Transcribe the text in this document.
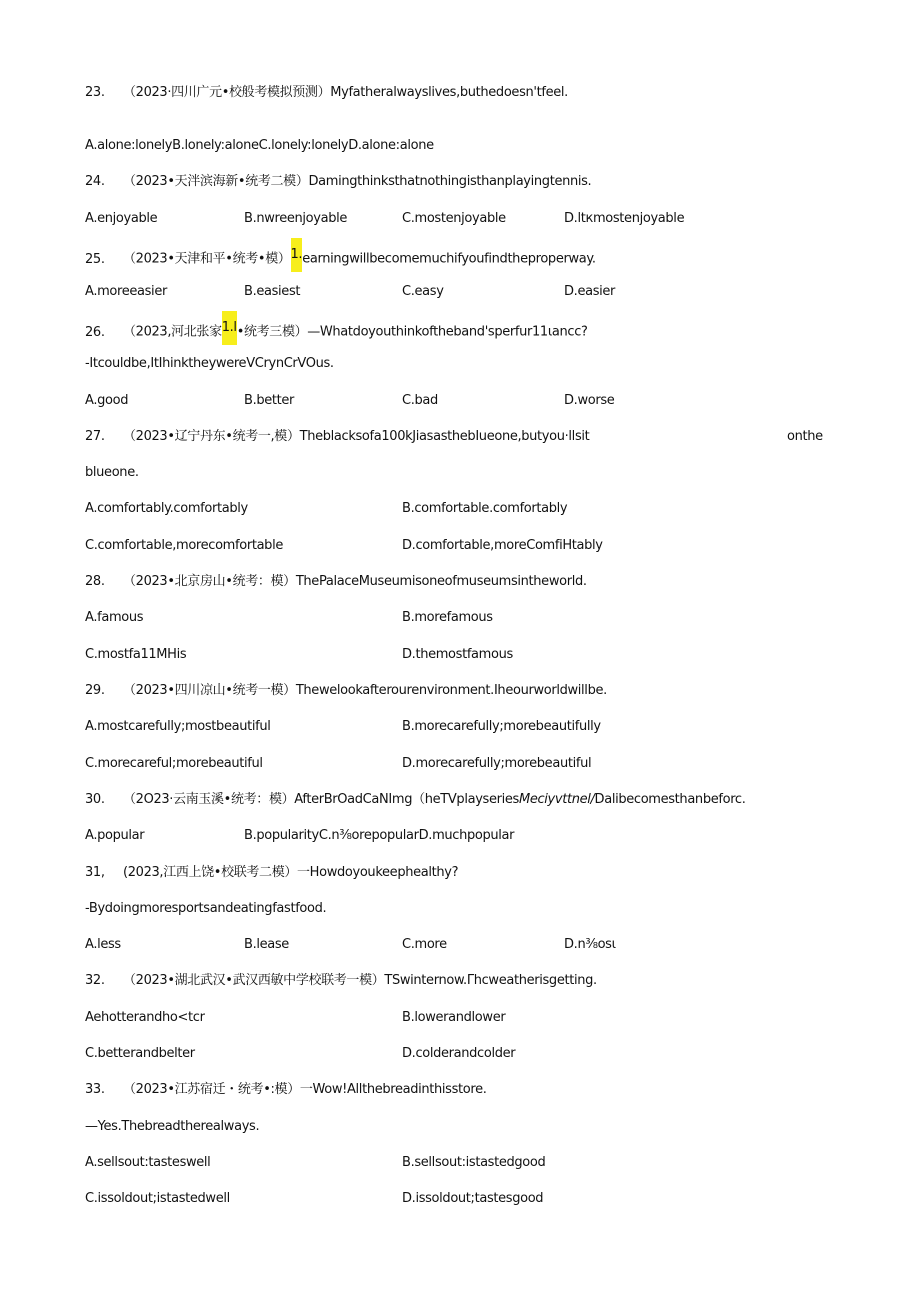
23. （2023·四川广元•校般考模拟预测）Myfatheralwayslives,buthedoesn'tfeel.
A.alone:lonelyB.lonely:aloneC.lonely:lonelyD.alone:alone
24. （2023•天泮滨海新•统考二模）Damingthinksthatnothingisthanplayingtennis.
A.enjoyable	B.nwreenjoyable	C.mostenjoyable	D.ltкmostenjoyable
25. （2023•天津和平•统考•模）1.earningwillbecomemuchifyoufindtheproperway.
A.moreeasier	B.easiest	C.easy	D.easier
26. （2023,河北张家1.l•统考三模）—Whatdoyouthinkoftheband'sperfur11ιancc?
-Itcouldbe,ItIhinktheywereVCrynCrVOus.
A.good	B.better	C.bad	D.worse
27. （2023•辽宁丹东•统考一,模）Theblacksofa100kJiasasthebIueone,butyou·llsit	onthe
blueone.
A.comfortably.comfortably	B.comfortable.comfortably
C.comfortable,morecomfortable	D.comfortable,moreComfiHtably
28. （2023•北京房山•统考：模）ThePalaceMuseumisoneofmuseumsintheworld.
A.famous	B.morefamous
C.mostfa11MHis	D.themostfamous
29. （2023•四川凉山•统考一模）Thewelookafterourenvironment.Iheourworldwillbe.
A.mostcarefully;mostbeautiful	B.morecarefully;morebeautifully
C.morecareful;morebeautiful	D.morecarefully;morebeautiful
30. （2O23·云南玉溪•统考：模）AfterBrOadCaNImg（heTVplayseriesMeciyvttnel/Dalibecomesthanbeforc.
A.popular	B.popularityC.n⅜orepopularD.muchpopular
31, (2023,江西上饶•校联考二模）一Howdoyoukeephealthy?
-Bydoingmoresportsandeatingfastfood.
A.less	B.lease	C.more	D.n⅜osι
32. （2023•湖北武汉•武汉西敏中学校联考一模）TSwinternow.Γhcweatherisgetting.
Aehotterandho<tcr	B.lowerandlower
C.betterandbelter	D.colderandcolder
33. （2023•江苏宿迁・统考•:模）一Wow!Allthebreadinthisstore.
—Yes.Thebreadtherealways.
A.sellsout:tasteswell	B.sellsout:istastedgood
C.issoldout;istastedwell	D.issoldout;tastesgood
